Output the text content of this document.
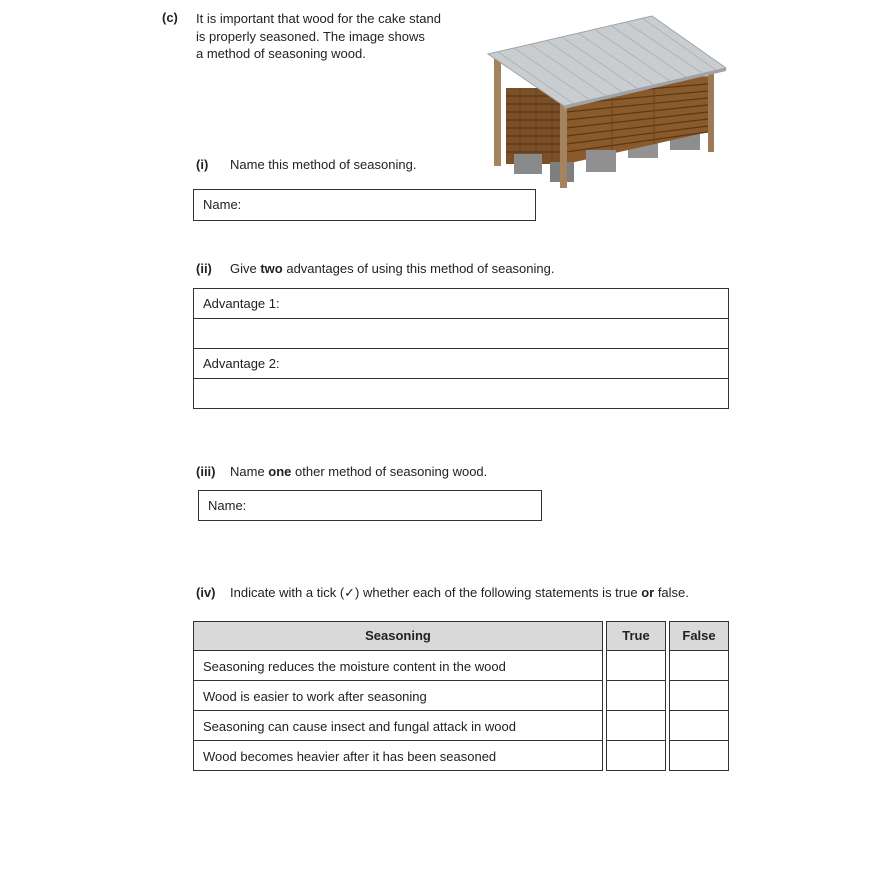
(c) It is important that wood for the cake stand
is properly seasoned. The image shows
a method of seasoning wood.
(i) Name this method of seasoning.
Name:
(ii) Give two advantages of using this method of seasoning.
Advantage 1:
Advantage 2:
(iii) Name one other method of seasoning wood.
Name:
(iv) Indicate with a tick (✓) whether each of the following statements is true or false.
Seasoning	True	False
Seasoning reduces the moisture content in the wood
Wood is easier to work after seasoning
Seasoning can cause insect and fungal attack in wood
Wood becomes heavier after it has been seasoned
